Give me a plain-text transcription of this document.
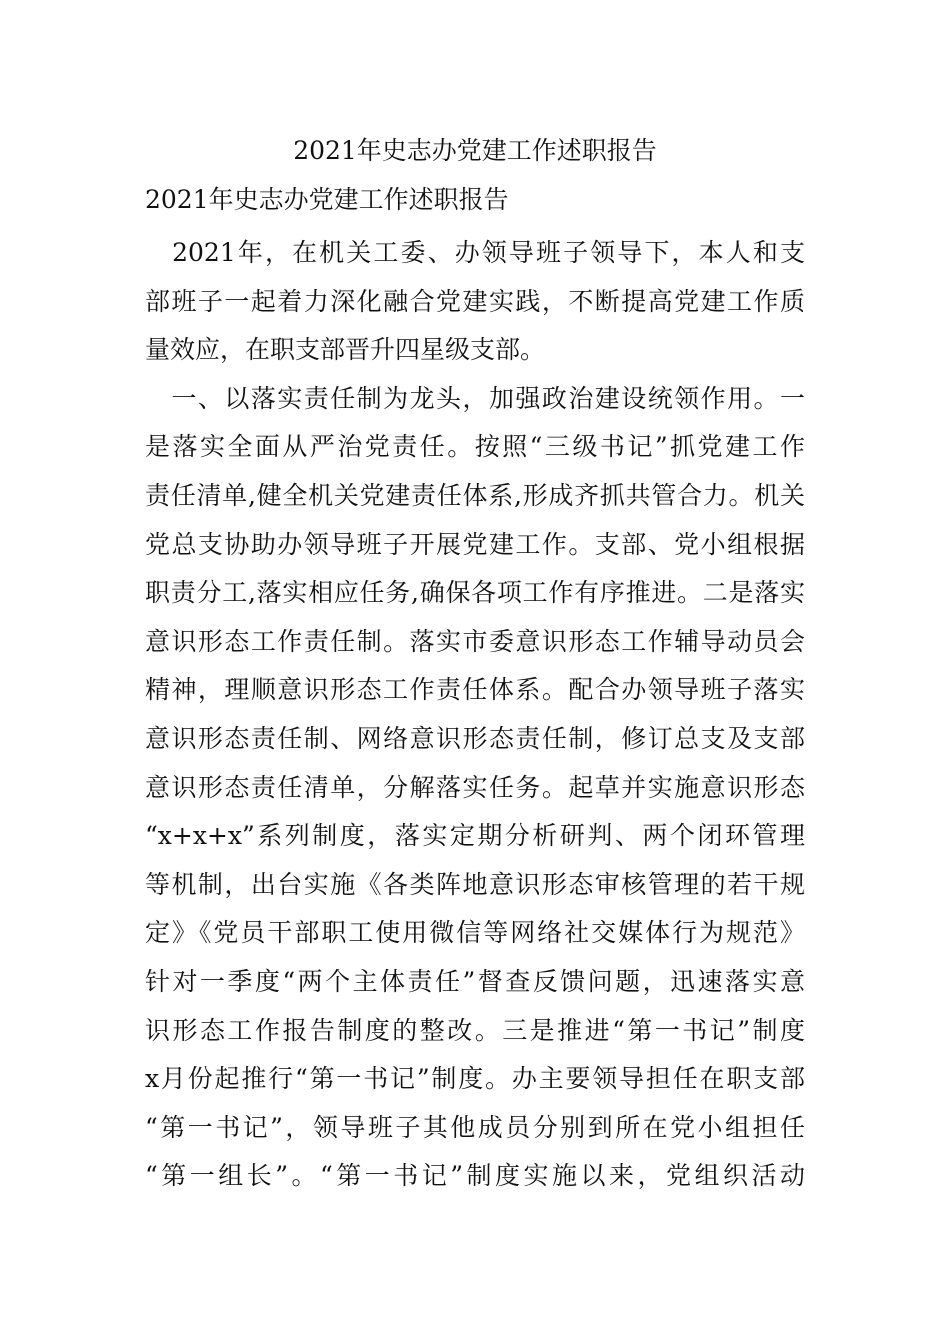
2021年史志办党建工作述职报告
2021年史志办党建工作述职报告
　2021年，在机关工委、办领导班子领导下，本人和支
部班子一起着力深化融合党建实践，不断提高党建工作质
量效应，在职支部晋升四星级支部。
　一、以落实责任制为龙头，加强政治建设统领作用。一
是落实全面从严治党责任。按照“三级书记”抓党建工作
责任清单,健全机关党建责任体系,形成齐抓共管合力。机关
党总支协助办领导班子开展党建工作。支部、党小组根据
职责分工,落实相应任务,确保各项工作有序推进。二是落实
意识形态工作责任制。落实市委意识形态工作辅导动员会
精神，理顺意识形态工作责任体系。配合办领导班子落实
意识形态责任制、网络意识形态责任制，修订总支及支部
意识形态责任清单，分解落实任务。起草并实施意识形态
“x+x+x”系列制度，落实定期分析研判、两个闭环管理
等机制，出台实施《各类阵地意识形态审核管理的若干规
定》《党员干部职工使用微信等网络社交媒体行为规范》
针对一季度“两个主体责任”督查反馈问题，迅速落实意
识形态工作报告制度的整改。三是推进“第一书记”制度
x月份起推行“第一书记”制度。办主要领导担任在职支部
“第一书记”，领导班子其他成员分别到所在党小组担任
“第一组长”。“第一书记”制度实施以来，党组织活动
